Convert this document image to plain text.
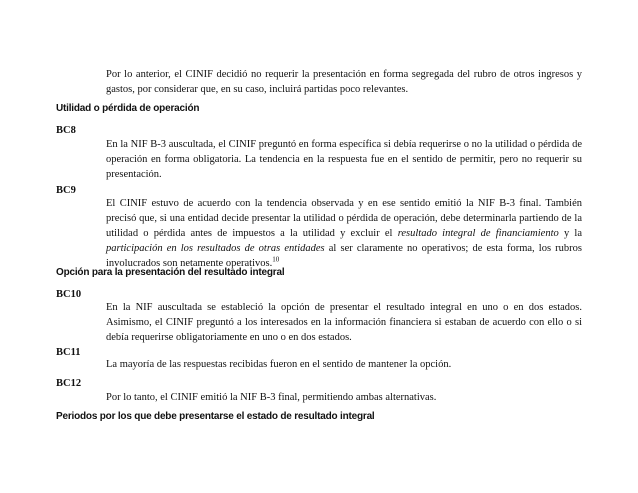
Por lo anterior, el CINIF decidió no requerir la presentación en forma segregada del rubro de otros ingresos y gastos, por considerar que, en su caso, incluirá partidas poco relevantes.

Utilidad o pérdida de operación
BC8

En la NIF B-3 auscultada, el CINIF preguntó en forma específica si debía requerirse o no la utilidad o pérdida de operación en forma obligatoria. La tendencia en la respuesta fue en el sentido de permitir, pero no requerir su presentación.

BC9

El CINIF estuvo de acuerdo con la tendencia observada y en ese sentido emitió la NIF B-3 final. También precisó que, si una entidad decide presentar la utilidad o pérdida de operación, debe determinarla partiendo de la utilidad o pérdida antes de impuestos a la utilidad y excluir el resultado integral de financiamiento y la participación en los resultados de otras entidades al ser claramente no operativos; de esta forma, los rubros involucrados son netamente operativos.$^{10}$

Opción para la presentación del resultado integral
BC10

En la NIF auscultada se estableció la opción de presentar el resultado integral en uno o en dos estados. Asimismo, el CINIF preguntó a los interesados en la información financiera si estaban de acuerdo con ello o si debía requerirse obligatoriamente en uno o en dos estados.

BC11

La mayoría de las respuestas recibidas fueron en el sentido de mantener la opción.

BC12

Por lo tanto, el CINIF emitió la NIF B-3 final, permitiendo ambas alternativas.

Periodos por los que debe presentarse el estado de resultado integral
